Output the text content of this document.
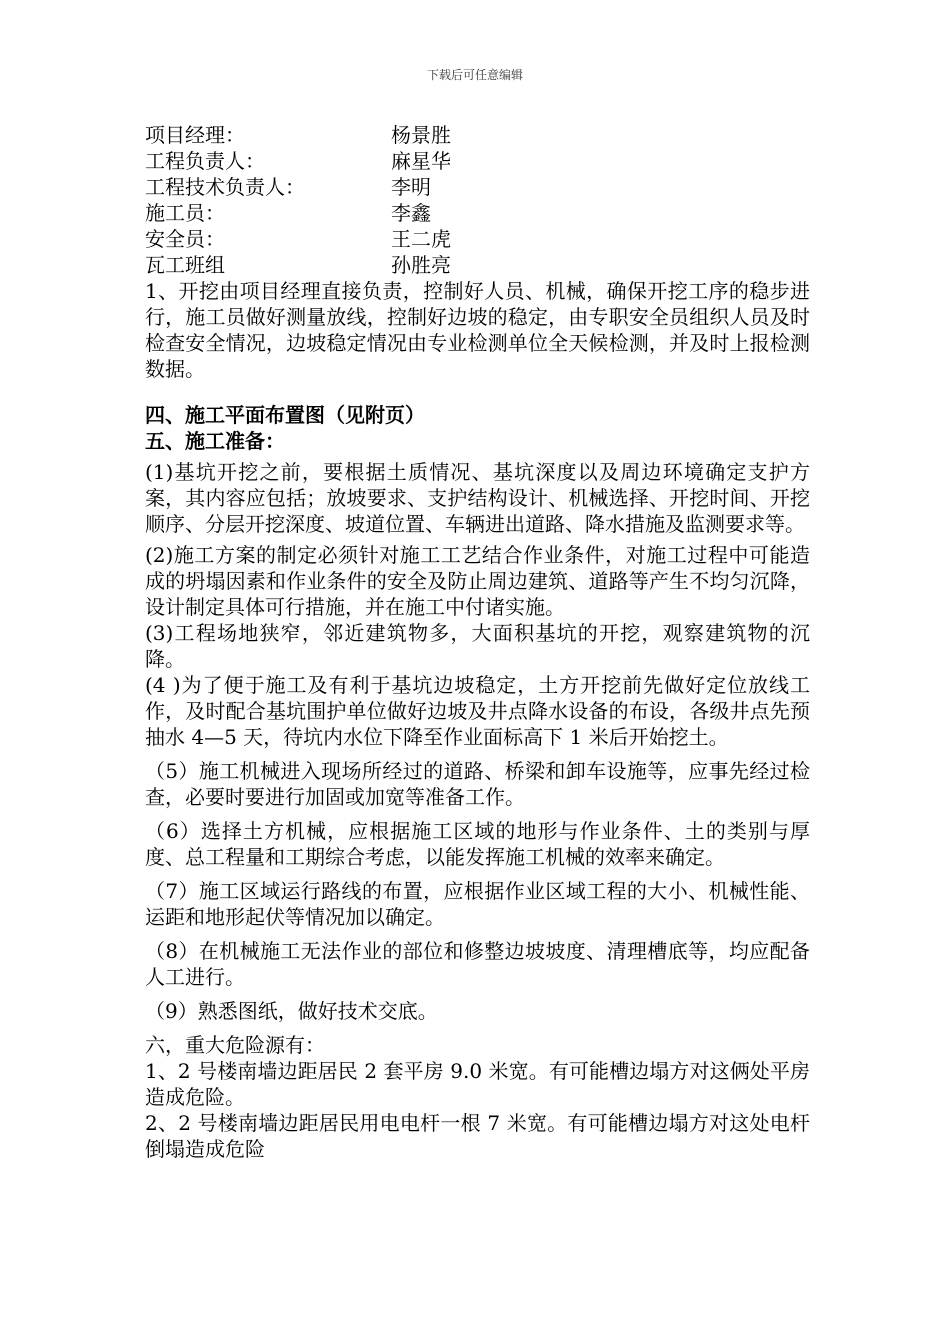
下载后可任意编辑
项目经理：	杨景胜
工程负责人：	麻星华
工程技术负责人：	李明
施工员：	李鑫
安全员：	王二虎
瓦工班组	孙胜亮

1、开挖由项目经理直接负责，控制好人员、机械，确保开挖工序的稳步进行，施工员做好测量放线，控制好边坡的稳定，由专职安全员组织人员及时检查安全情况，边坡稳定情况由专业检测单位全天候检测，并及时上报检测数据。

四、施工平面布置图（见附页）

五、施工准备：

(1)基坑开挖之前，要根据土质情况、基坑深度以及周边环境确定支护方案，其内容应包括；放坡要求、支护结构设计、机械选择、开挖时间、开挖顺序、分层开挖深度、坡道位置、车辆进出道路、降水措施及监测要求等。

(2)施工方案的制定必须针对施工工艺结合作业条件，对施工过程中可能造成的坍塌因素和作业条件的安全及防止周边建筑、道路等产生不均匀沉降，设计制定具体可行措施，并在施工中付诸实施。

(3)工程场地狭窄，邻近建筑物多，大面积基坑的开挖，观察建筑物的沉降。

(4 )为了便于施工及有利于基坑边坡稳定，土方开挖前先做好定位放线工作，及时配合基坑围护单位做好边坡及井点降水设备的布设，各级井点先预抽水 4—5 天，待坑内水位下降至作业面标高下 1 米后开始挖土。

（5）施工机械进入现场所经过的道路、桥梁和卸车设施等，应事先经过检查，必要时要进行加固或加宽等准备工作。

（6）选择土方机械，应根据施工区域的地形与作业条件、土的类别与厚度、总工程量和工期综合考虑，以能发挥施工机械的效率来确定。

（7）施工区域运行路线的布置，应根据作业区域工程的大小、机械性能、运距和地形起伏等情况加以确定。

（8）在机械施工无法作业的部位和修整边坡坡度、清理槽底等，均应配备人工进行。

（9）熟悉图纸，做好技术交底。

六，重大危险源有：

1、2 号楼南墙边距居民 2 套平房 9.0 米宽。有可能槽边塌方对这俩处平房造成危险。

2、2 号楼南墙边距居民用电电杆一根 7 米宽。有可能槽边塌方对这处电杆倒塌造成危险
